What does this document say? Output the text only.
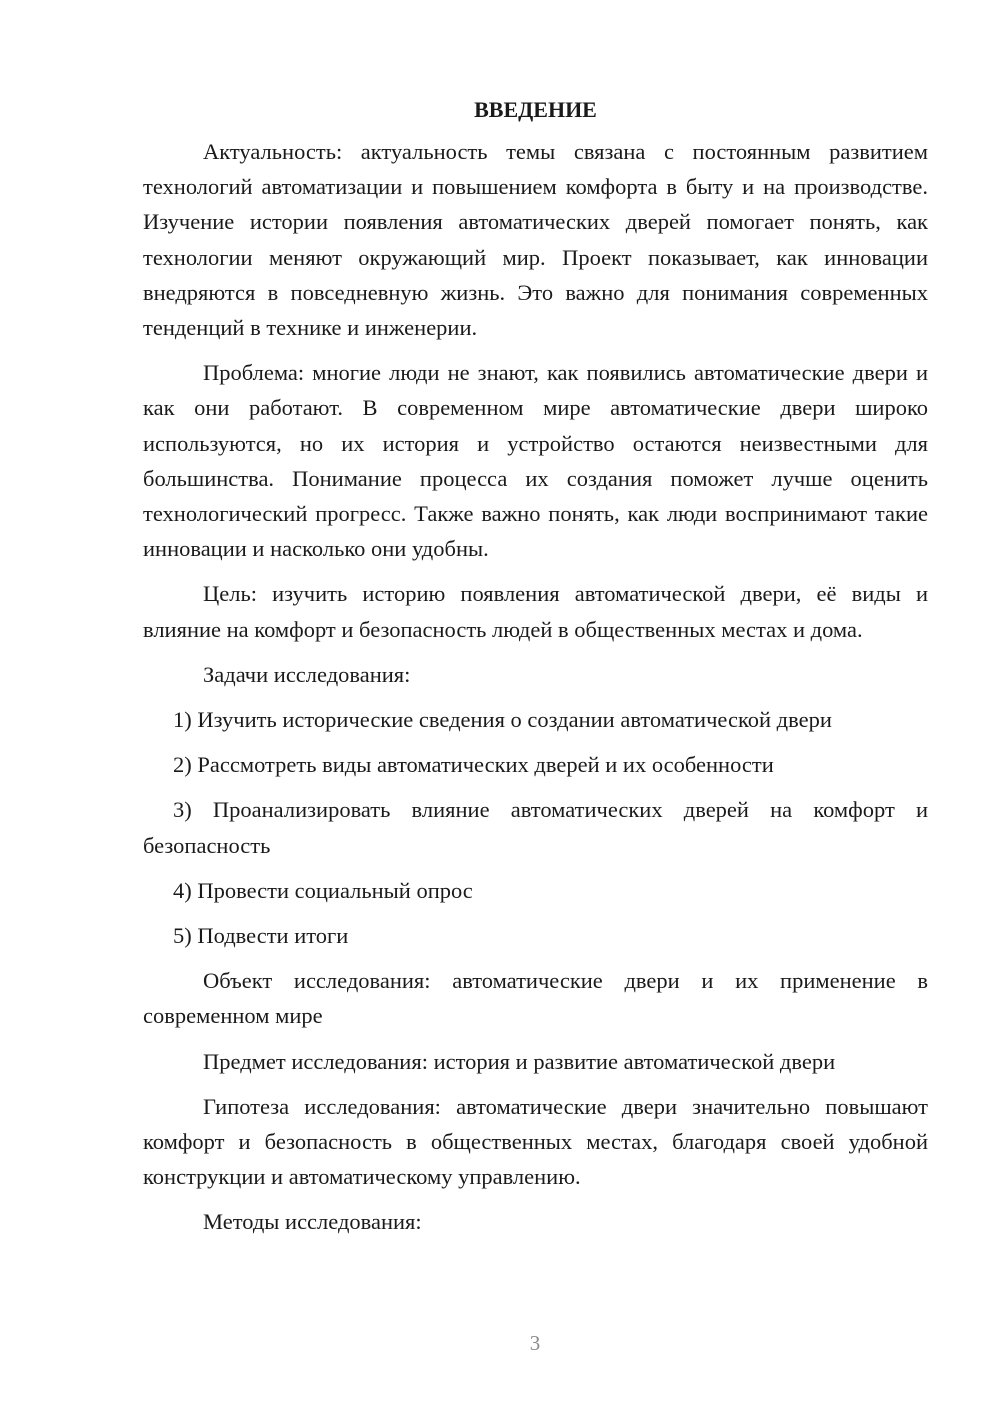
ВВЕДЕНИЕ

Актуальность: актуальность темы связана с постоянным развитием технологий автоматизации и повышением комфорта в быту и на производстве. Изучение истории появления автоматических дверей помогает понять, как технологии меняют окружающий мир. Проект показывает, как инновации внедряются в повседневную жизнь. Это важно для понимания современных тенденций в технике и инженерии.

Проблема: многие люди не знают, как появились автоматические двери и как они работают. В современном мире автоматические двери широко используются, но их история и устройство остаются неизвестными для большинства. Понимание процесса их создания поможет лучше оценить технологический прогресс. Также важно понять, как люди воспринимают такие инновации и насколько они удобны.

Цель: изучить историю появления автоматической двери, её виды и влияние на комфорт и безопасность людей в общественных местах и дома.

Задачи исследования:

1) Изучить исторические сведения о создании автоматической двери

2) Рассмотреть виды автоматических дверей и их особенности

3) Проанализировать влияние автоматических дверей на комфорт и безопасность

4) Провести социальный опрос

5) Подвести итоги

Объект исследования: автоматические двери и их применение в современном мире

Предмет исследования: история и развитие автоматической двери

Гипотеза исследования: автоматические двери значительно повышают комфорт и безопасность в общественных местах, благодаря своей удобной конструкции и автоматическому управлению.

Методы исследования:

3
